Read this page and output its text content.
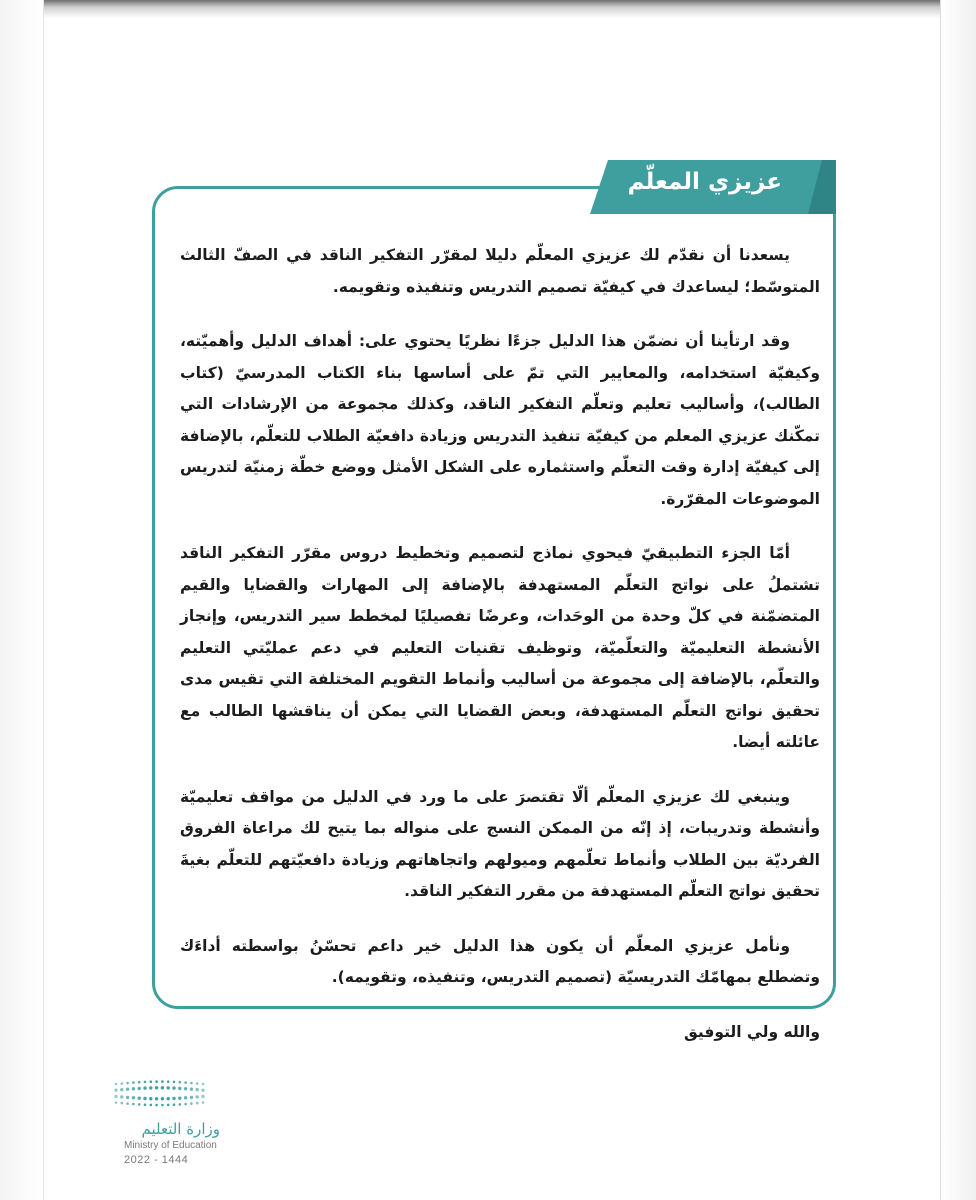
عزيزي المعلّم

يسعدنا أن نقدّم لك عزيزي المعلّم دليلا لمقرّر التفكير الناقد في الصفّ الثالث المتوسّط؛ ليساعدك في كيفيّة تصميم التدريس وتنفيذه وتقويمه.

وقد ارتأينا أن نضمّن هذا الدليل جزءًا نظريًا يحتوي على: أهداف الدليل وأهميّته، وكيفيّة استخدامه، والمعايير التي تمّ على أساسها بناء الكتاب المدرسيّ (كتاب الطالب)، وأساليب تعليم وتعلّم التفكير الناقد، وكذلك مجموعة من الإرشادات التي تمكّنك عزيزي المعلم من كيفيّة تنفيذ التدريس وزيادة دافعيّة الطلاب للتعلّم، بالإضافة إلى كيفيّة إدارة وقت التعلّم واستثماره على الشكل الأمثل ووضع خطّة زمنيّة لتدريس الموضوعات المقرّرة.

أمّا الجزء التطبيقيّ فيحوي نماذج لتصميم وتخطيط دروس مقرّر التفكير الناقد تشتملُ على نواتج التعلّم المستهدفة بالإضافة إلى المهارات والقضايا والقيم المتضمّنة في كلّ وحدة من الوحَدات، وعرضًا تفصيليًا لمخطط سير التدريس، وإنجاز الأنشطة التعليميّة والتعلّميّة، وتوظيف تقنيات التعليم في دعم عمليّتي التعليم والتعلّم، بالإضافة إلى مجموعة من أساليب وأنماط التقويم المختلفة التي تقيس مدى تحقيق نواتج التعلّم المستهدفة، وبعض القضايا التي يمكن أن يناقشها الطالب مع عائلته أيضا.

وينبغي لك عزيزي المعلّم ألّا تقتصرَ على ما ورد في الدليل من مواقف تعليميّة وأنشطة وتدريبات، إذ إنّه من الممكن النسج على منواله بما يتيح لك مراعاة الفروق الفرديّة بين الطلاب وأنماط تعلّمهم وميولهم واتجاهاتهم وزيادة دافعيّتهم للتعلّم بغيةَ تحقيق نواتج التعلّم المستهدفة من مقرر التفكير الناقد.

ونأمل عزيزي المعلّم أن يكون هذا الدليل خير داعم تحسّنُ بواسطته أداءَك وتضطلع بمهامّك التدريسيّة (تصميم التدريس، وتنفيذه، وتقويمه).

والله ولي التوفيق

وزارة التعليم
Ministry of Education
2022 - 1444
